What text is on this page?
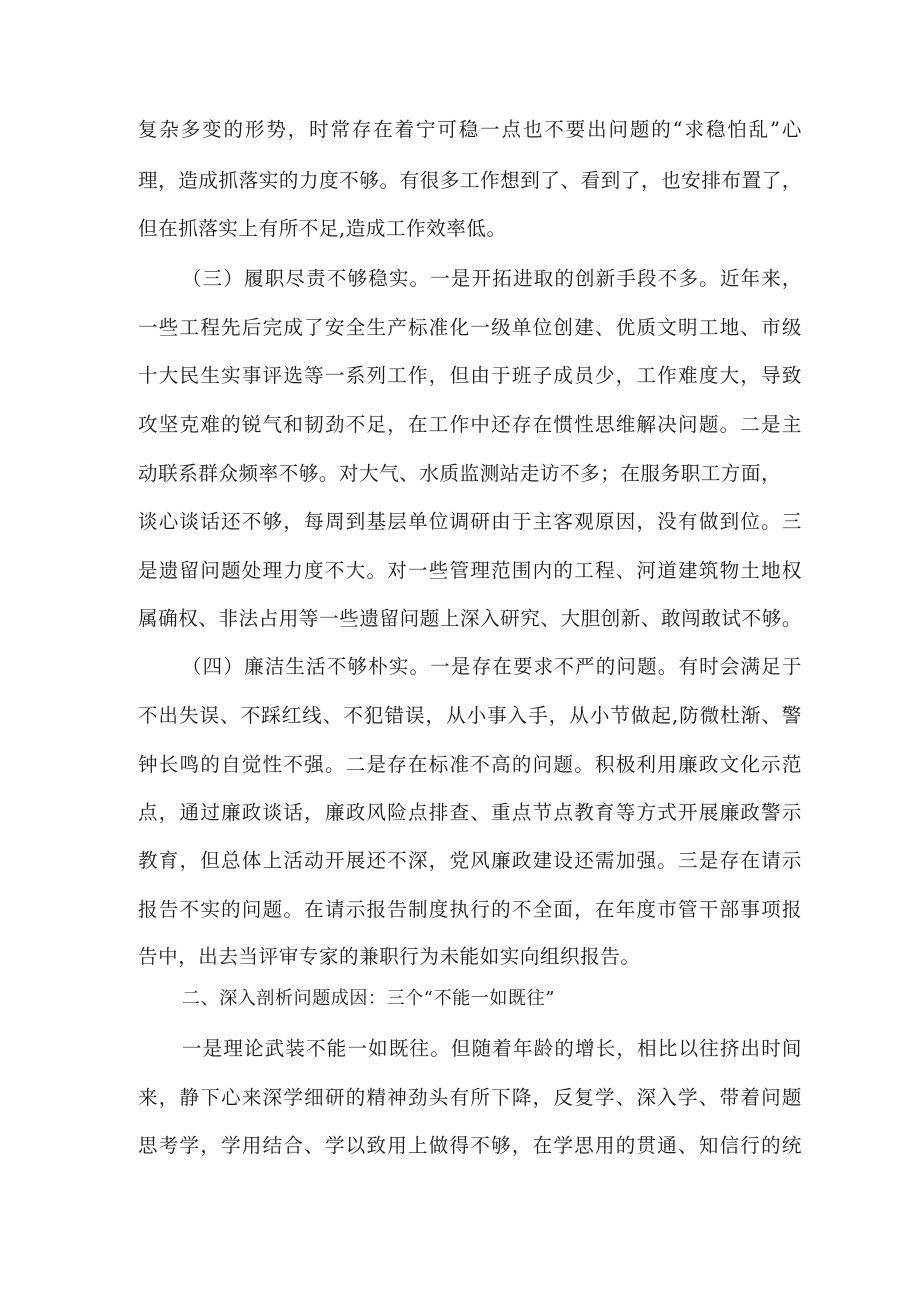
复杂多变的形势，时常存在着宁可稳一点也不要出问题的“求稳怕乱”心
理，造成抓落实的力度不够。有很多工作想到了、看到了，也安排布置了，
但在抓落实上有所不足,造成工作效率低。
（三）履职尽责不够稳实。一是开拓进取的创新手段不多。近年来，
一些工程先后完成了安全生产标准化一级单位创建、优质文明工地、市级
十大民生实事评选等一系列工作，但由于班子成员少，工作难度大，导致
攻坚克难的锐气和韧劲不足，在工作中还存在惯性思维解决问题。二是主
动联系群众频率不够。对大气、水质监测站走访不多；在服务职工方面，
谈心谈话还不够，每周到基层单位调研由于主客观原因，没有做到位。三
是遗留问题处理力度不大。对一些管理范围内的工程、河道建筑物土地权
属确权、非法占用等一些遗留问题上深入研究、大胆创新、敢闯敢试不够。
（四）廉洁生活不够朴实。一是存在要求不严的问题。有时会满足于
不出失误、不踩红线、不犯错误，从小事入手，从小节做起,防微杜渐、警
钟长鸣的自觉性不强。二是存在标准不高的问题。积极利用廉政文化示范
点，通过廉政谈话，廉政风险点排查、重点节点教育等方式开展廉政警示
教育，但总体上活动开展还不深，党风廉政建设还需加强。三是存在请示
报告不实的问题。在请示报告制度执行的不全面，在年度市管干部事项报
告中，出去当评审专家的兼职行为未能如实向组织报告。
二、深入剖析问题成因：三个“不能一如既往”
一是理论武装不能一如既往。但随着年龄的增长，相比以往挤出时间
来，静下心来深学细研的精神劲头有所下降，反复学、深入学、带着问题
思考学，学用结合、学以致用上做得不够，在学思用的贯通、知信行的统
